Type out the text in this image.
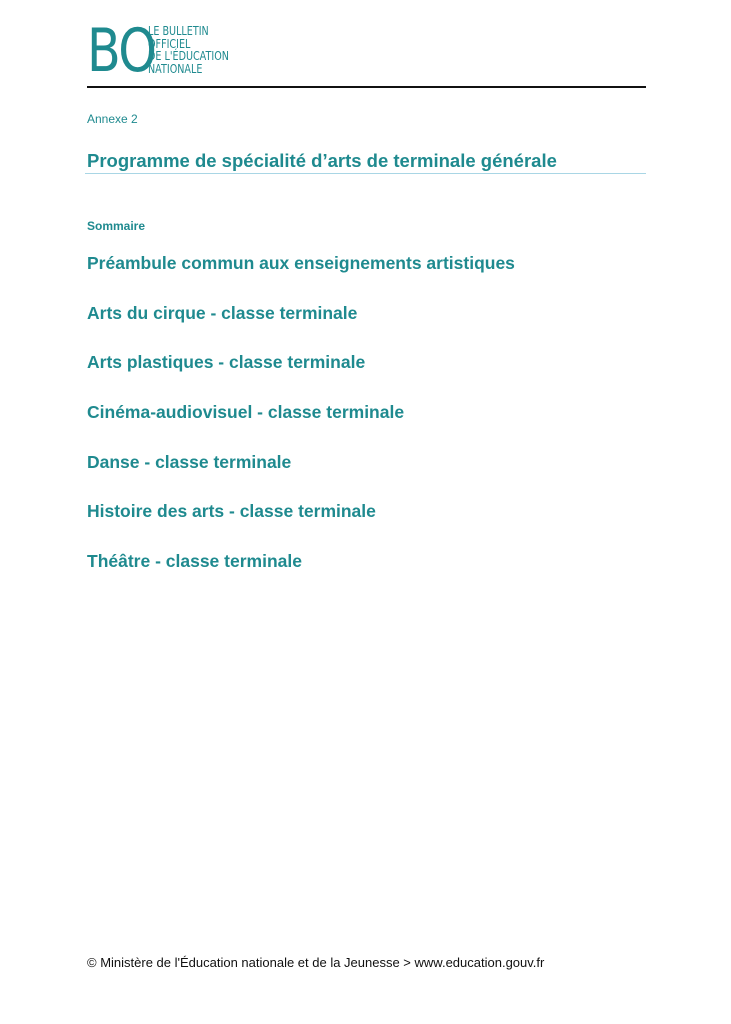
BO
LE BULLETIN
OFFICIEL
DE L'ÉDUCATION
NATIONALE
Annexe 2
Programme de spécialité d’arts de terminale générale
Sommaire
Préambule commun aux enseignements artistiques
Arts du cirque - classe terminale
Arts plastiques - classe terminale
Cinéma-audiovisuel - classe terminale
Danse - classe terminale
Histoire des arts - classe terminale
Théâtre - classe terminale
© Ministère de l'Éducation nationale et de la Jeunesse > www.education.gouv.fr
